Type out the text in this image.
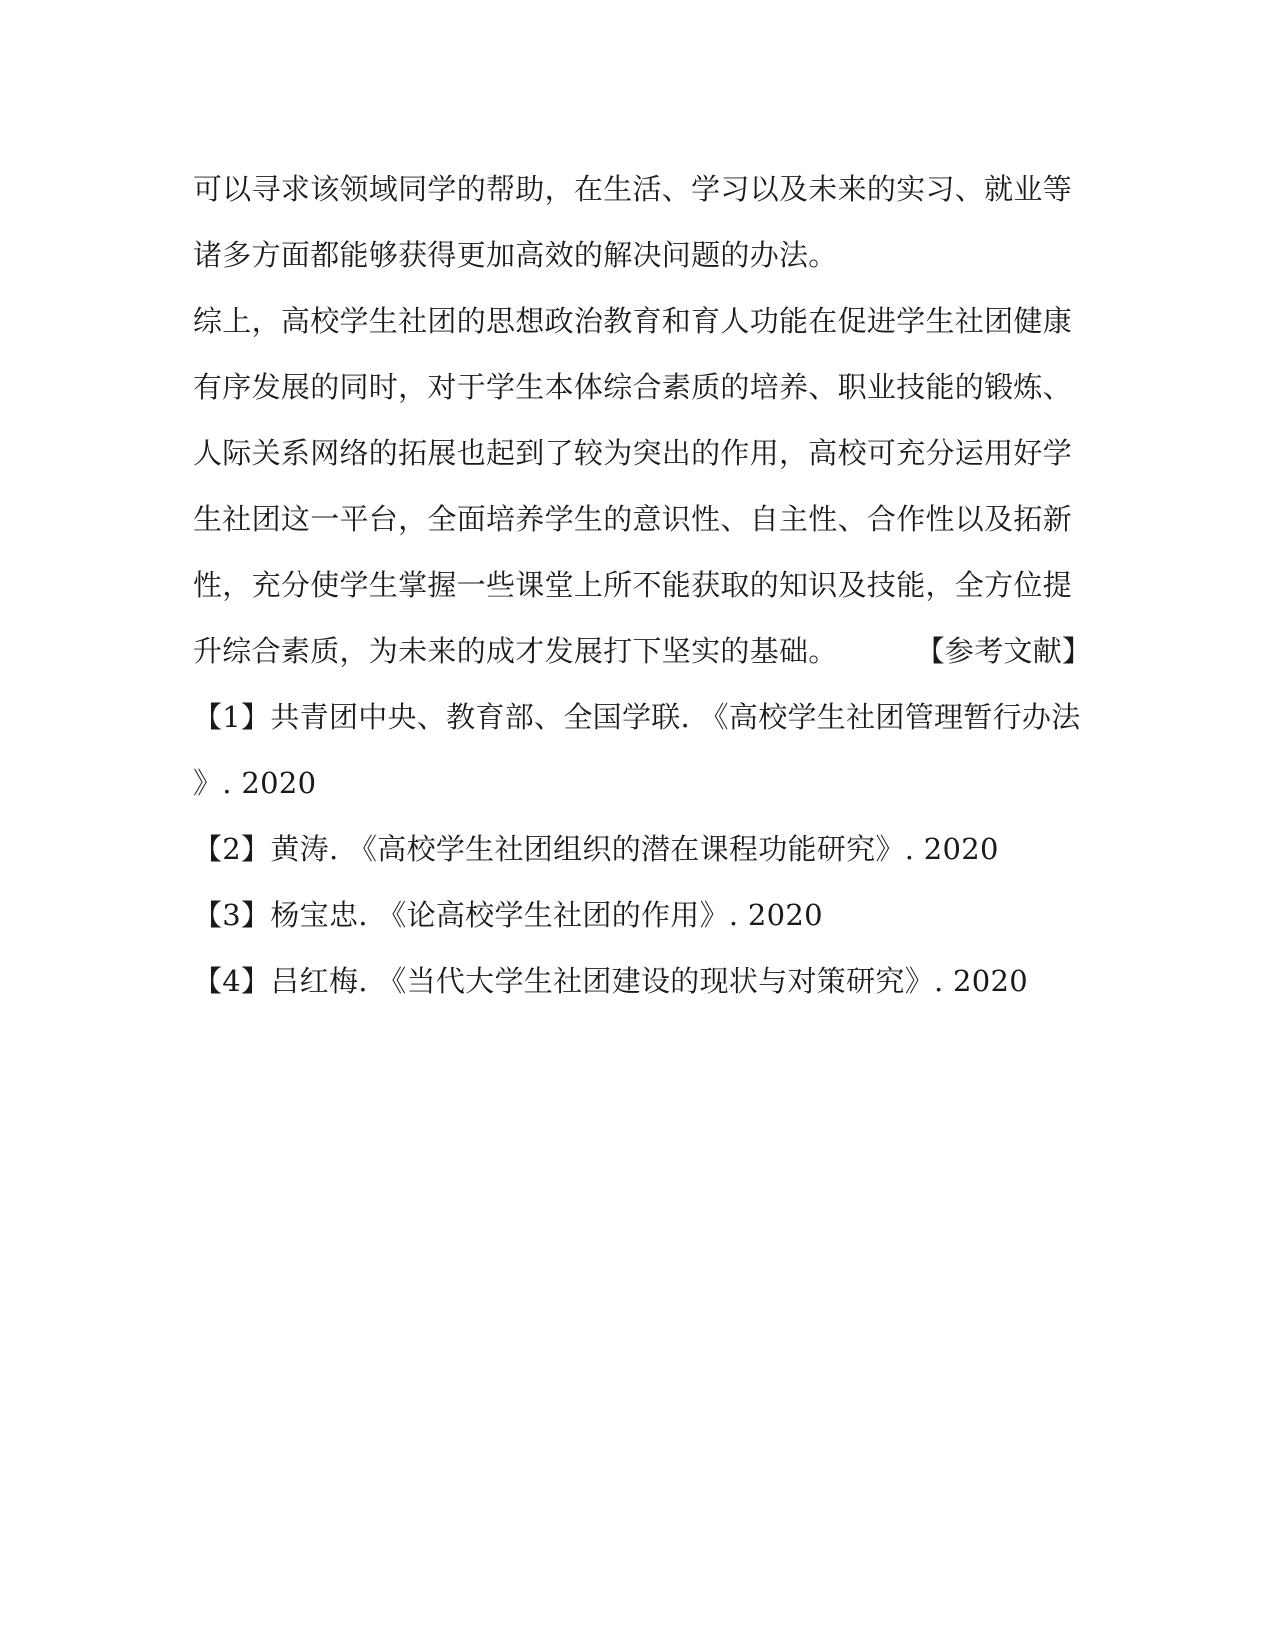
可以寻求该领域同学的帮助，在生活、学习以及未来的实习、就业等
诸多方面都能够获得更加高效的解决问题的办法。
综上，高校学生社团的思想政治教育和育人功能在促进学生社团健康
有序发展的同时，对于学生本体综合素质的培养、职业技能的锻炼、
人际关系网络的拓展也起到了较为突出的作用，高校可充分运用好学
生社团这一平台，全面培养学生的意识性、自主性、合作性以及拓新
性，充分使学生掌握一些课堂上所不能获取的知识及技能，全方位提
升综合素质，为未来的成才发展打下坚实的基础。	【参考文献】
【1】共青团中央、教育部、全国学联. 《高校学生社团管理暂行办法
》. 2020
【2】黄涛. 《高校学生社团组织的潜在课程功能研究》. 2020
【3】杨宝忠. 《论高校学生社团的作用》. 2020
【4】吕红梅. 《当代大学生社团建设的现状与对策研究》. 2020
